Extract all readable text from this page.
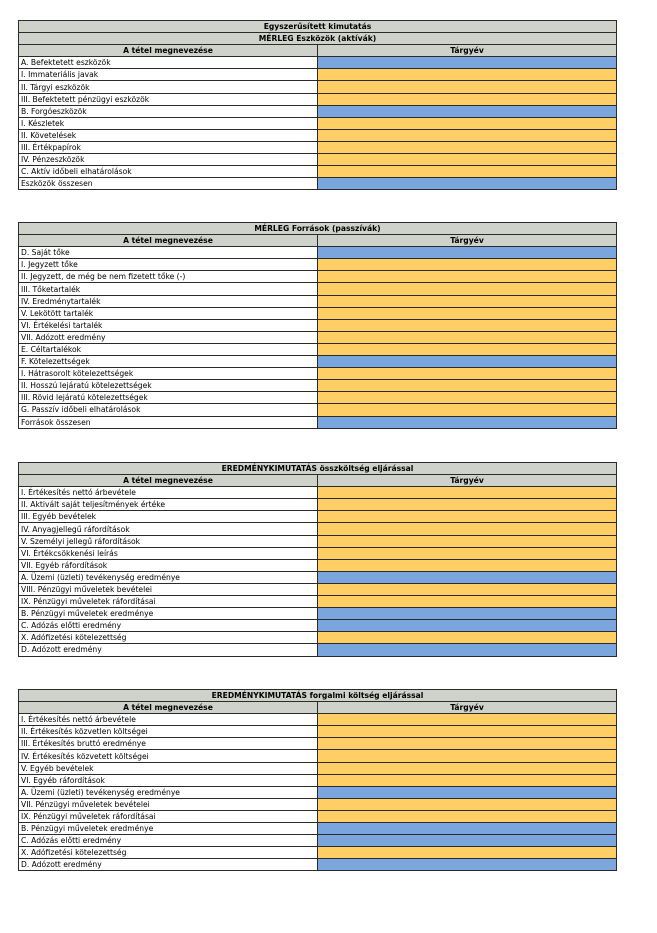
Egyszerűsített kimutatás	
MÉRLEG Eszközök (aktívák)	
A tétel megnevezése	Tárgyév
A. Befektetett eszközök	
I. Immateriális javak	
II. Tárgyi eszközök	
III. Befektetett pénzügyi eszközök	
B. Forgóeszközök	
I. Készletek	
II. Követelések	
III. Értékpapírok	
IV. Pénzeszközök	
C. Aktív időbeli elhatárolások	
Eszközök összesen	
MÉRLEG Források (passzívák)	
A tétel megnevezése	Tárgyév
D. Saját tőke	
I. Jegyzett tőke	
II. Jegyzett, de még be nem fizetett tőke (-)	
III. Tőketartalék	
IV. Eredménytartalék	
V. Lekötött tartalék	
VI. Értékelési tartalék	
VII. Adózott eredmény	
E. Céltartalékok	
F. Kötelezettségek	
I. Hátrasorolt kötelezettségek	
II. Hosszú lejáratú kötelezettségek	
III. Rövid lejáratú kötelezettségek	
G. Passzív időbeli elhatárolások	
Források összesen	
EREDMÉNYKIMUTATÁS összköltség eljárással	
A tétel megnevezése	Tárgyév
I. Értékesítés nettó árbevétele	
II. Aktivált saját teljesítmények értéke	
III. Egyéb bevételek	
IV. Anyagjellegű ráfordítások	
V. Személyi jellegű ráfordítások	
VI. Értékcsökkenési leírás	
VII. Egyéb ráfordítások	
A. Üzemi (üzleti) tevékenység eredménye	
VIII. Pénzügyi műveletek bevételei	
IX. Pénzügyi műveletek ráfordításai	
B. Pénzügyi műveletek eredménye	
C. Adózás előtti eredmény	
X. Adófizetési kötelezettség	
D. Adózott eredmény	
EREDMÉNYKIMUTATÁS forgalmi költség eljárással	
A tétel megnevezése	Tárgyév
I. Értékesítés nettó árbevétele	
II. Értékesítés közvetlen költségei	
III. Értékesítés bruttó eredménye	
IV. Értékesítés közvetett költségei	
V. Egyéb bevételek	
VI. Egyéb ráfordítások	
A. Üzemi (üzleti) tevékenység eredménye	
VII. Pénzügyi műveletek bevételei	
IX. Pénzügyi műveletek ráfordításai	
B. Pénzügyi műveletek eredménye	
C. Adózás előtti eredmény	
X. Adófizetési kötelezettség	
D. Adózott eredmény	
